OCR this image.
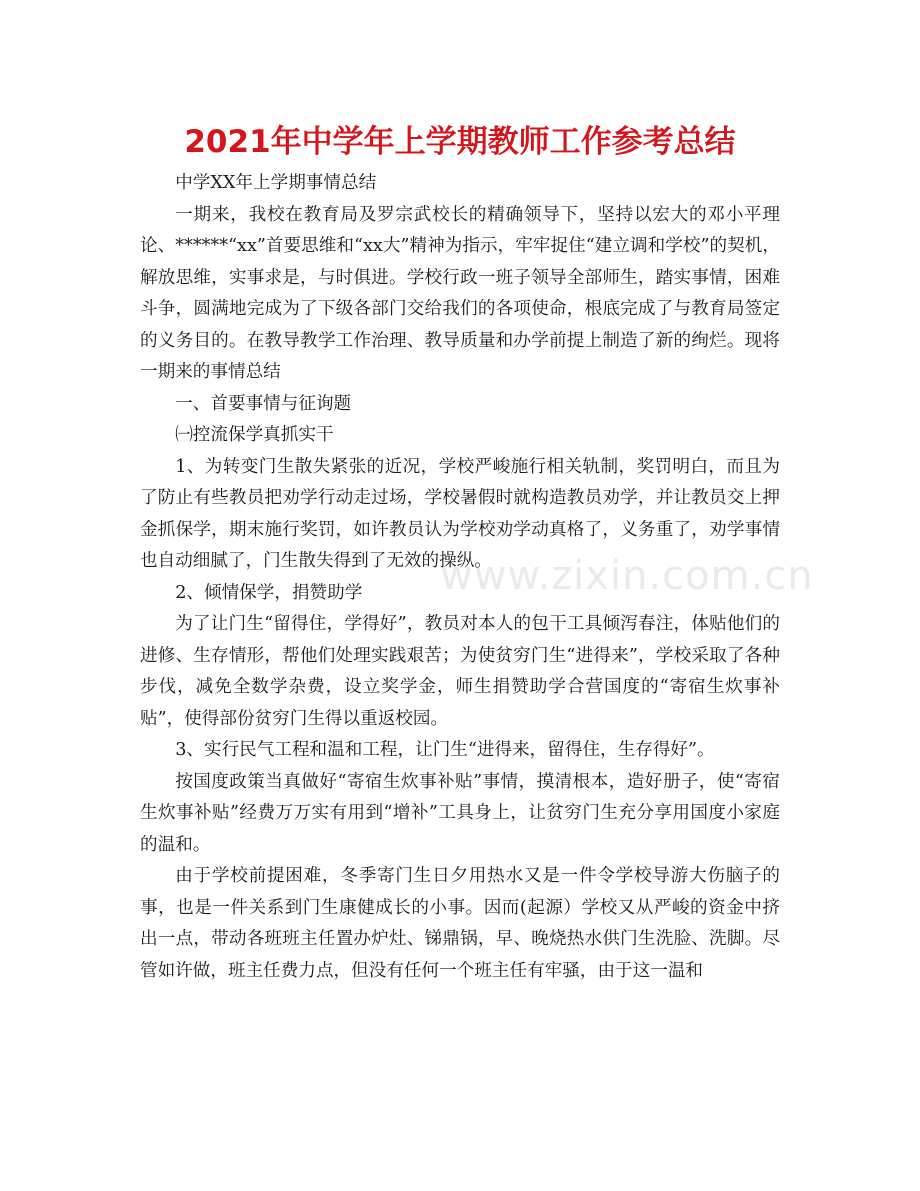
2021年中学年上学期教师工作参考总结

中学XX年上学期事情总结

一期来，我校在教育局及罗宗武校长的精确领导下，坚持以宏大的邓小平理论、******“xx”首要思维和“xx大”精神为指示，牢牢捉住“建立调和学校”的契机，解放思维，实事求是，与时俱进。学校行政一班子领导全部师生，踏实事情，困难斗争，圆满地完成为了下级各部门交给我们的各项使命，根底完成了与教育局签定的义务目的。在教导教学工作治理、教导质量和办学前提上制造了新的绚烂。现将一期来的事情总结

一、首要事情与征询题

㈠控流保学真抓实干

1、为转变门生散失紧张的近况，学校严峻施行相关轨制，奖罚明白，而且为了防止有些教员把劝学行动走过场，学校暑假时就构造教员劝学，并让教员交上押金抓保学，期末施行奖罚，如许教员认为学校劝学动真格了，义务重了，劝学事情也自动细腻了，门生散失得到了无效的操纵。

2、倾情保学，捐赞助学

为了让门生“留得住，学得好”，教员对本人的包干工具倾泻春注，体贴他们的进修、生存情形，帮他们处理实践艰苦；为使贫穷门生“进得来”，学校采取了各种步伐，减免全数学杂费，设立奖学金，师生捐赞助学合营国度的“寄宿生炊事补贴”，使得部份贫穷门生得以重返校园。

3、实行民气工程和温和工程，让门生“进得来，留得住，生存得好”。

按国度政策当真做好“寄宿生炊事补贴”事情，摸清根本，造好册子，使“寄宿生炊事补贴”经费万万实有用到“增补”工具身上，让贫穷门生充分享用国度小家庭的温和。

由于学校前提困难，冬季寄门生日夕用热水又是一件令学校导游大伤脑子的事，也是一件关系到门生康健成长的小事。因而(起源）学校又从严峻的资金中挤出一点，带动各班班主任置办炉灶、锑鼎锅，早、晚烧热水供门生洗脸、洗脚。尽管如许做，班主任费力点，但没有任何一个班主任有牢骚，由于这一温和

www.zixin.com.cn
